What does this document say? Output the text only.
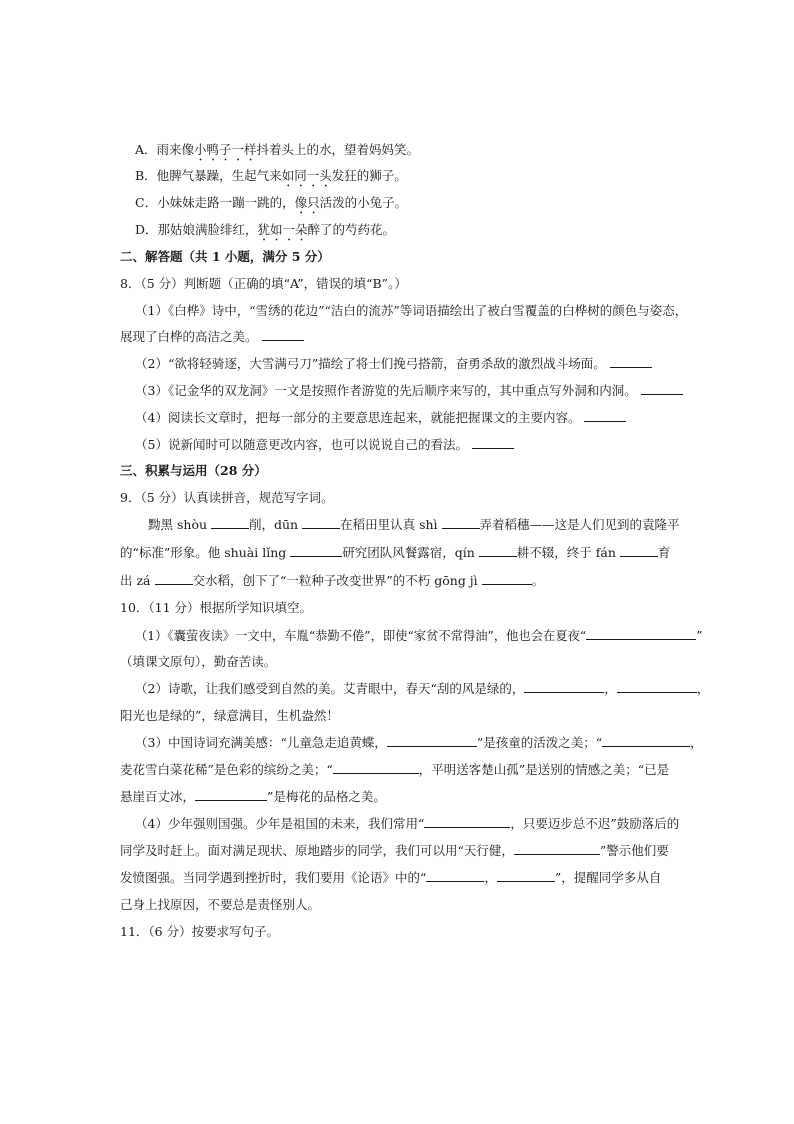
A．雨来像小鸭子一样抖着头上的水，望着妈妈笑。
B．他脾气暴躁，生起气来如同一头发狂的狮子。
C．小妹妹走路一蹦一跳的，像只活泼的小兔子。
D．那姑娘满脸绯红，犹如一朵醉了的芍药花。
二、解答题（共 1 小题，满分 5 分）
8．（5 分）判断题（正确的填“A”，错误的填“B”。）
（1）《白桦》诗中，“雪绣的花边”“洁白的流苏”等词语描绘出了被白雪覆盖的白桦树的颜色与姿态，
展现了白桦的高洁之美。
（2）“欲将轻骑逐，大雪满弓刀”描绘了将士们挽弓搭箭，奋勇杀敌的激烈战斗场面。
（3）《记金华的双龙洞》一文是按照作者游览的先后顺序来写的，其中重点写外洞和内洞。
（4）阅读长文章时，把每一部分的主要意思连起来，就能把握课文的主要内容。
（5）说新闻时可以随意更改内容，也可以说说自己的看法。
三、积累与运用（28 分）
9．（5 分）认真读拼音，规范写字词。
黝黑 shòu	削，dūn	在稻田里认真 shì	弄着稻穗——这是人们见到的袁隆平
的“标准”形象。他 shuài lǐng	研究团队风餐露宿，qín	耕不辍，终于 fán	育
出 zá	交水稻，创下了“一粒种子改变世界”的不朽 gōng jì	。
10．（11 分）根据所学知识填空。
（1）《囊萤夜读》一文中，车胤“恭勤不倦”，即使“家贫不常得油”，他也会在夏夜“	”
（填课文原句），勤奋苦读。
（2）诗歌，让我们感受到自然的美。艾青眼中，春天“刮的风是绿的，	，	，
阳光也是绿的”，绿意满目，生机盎然！
（3）中国诗词充满美感：“儿童急走追黄蝶，	”是孩童的活泼之美；“	，
麦花雪白菜花稀”是色彩的缤纷之美；“	，平明送客楚山孤”是送别的情感之美；“已是
悬崖百丈冰，	”是梅花的品格之美。
（4）少年强则国强。少年是祖国的未来，我们常用“	，只要迈步总不迟”鼓励落后的
同学及时赶上。面对满足现状、原地踏步的同学，我们可以用“天行健，	”警示他们要
发愤图强。当同学遇到挫折时，我们要用《论语》中的“	，	”，提醒同学多从自
己身上找原因，不要总是责怪别人。
11．（6 分）按要求写句子。
